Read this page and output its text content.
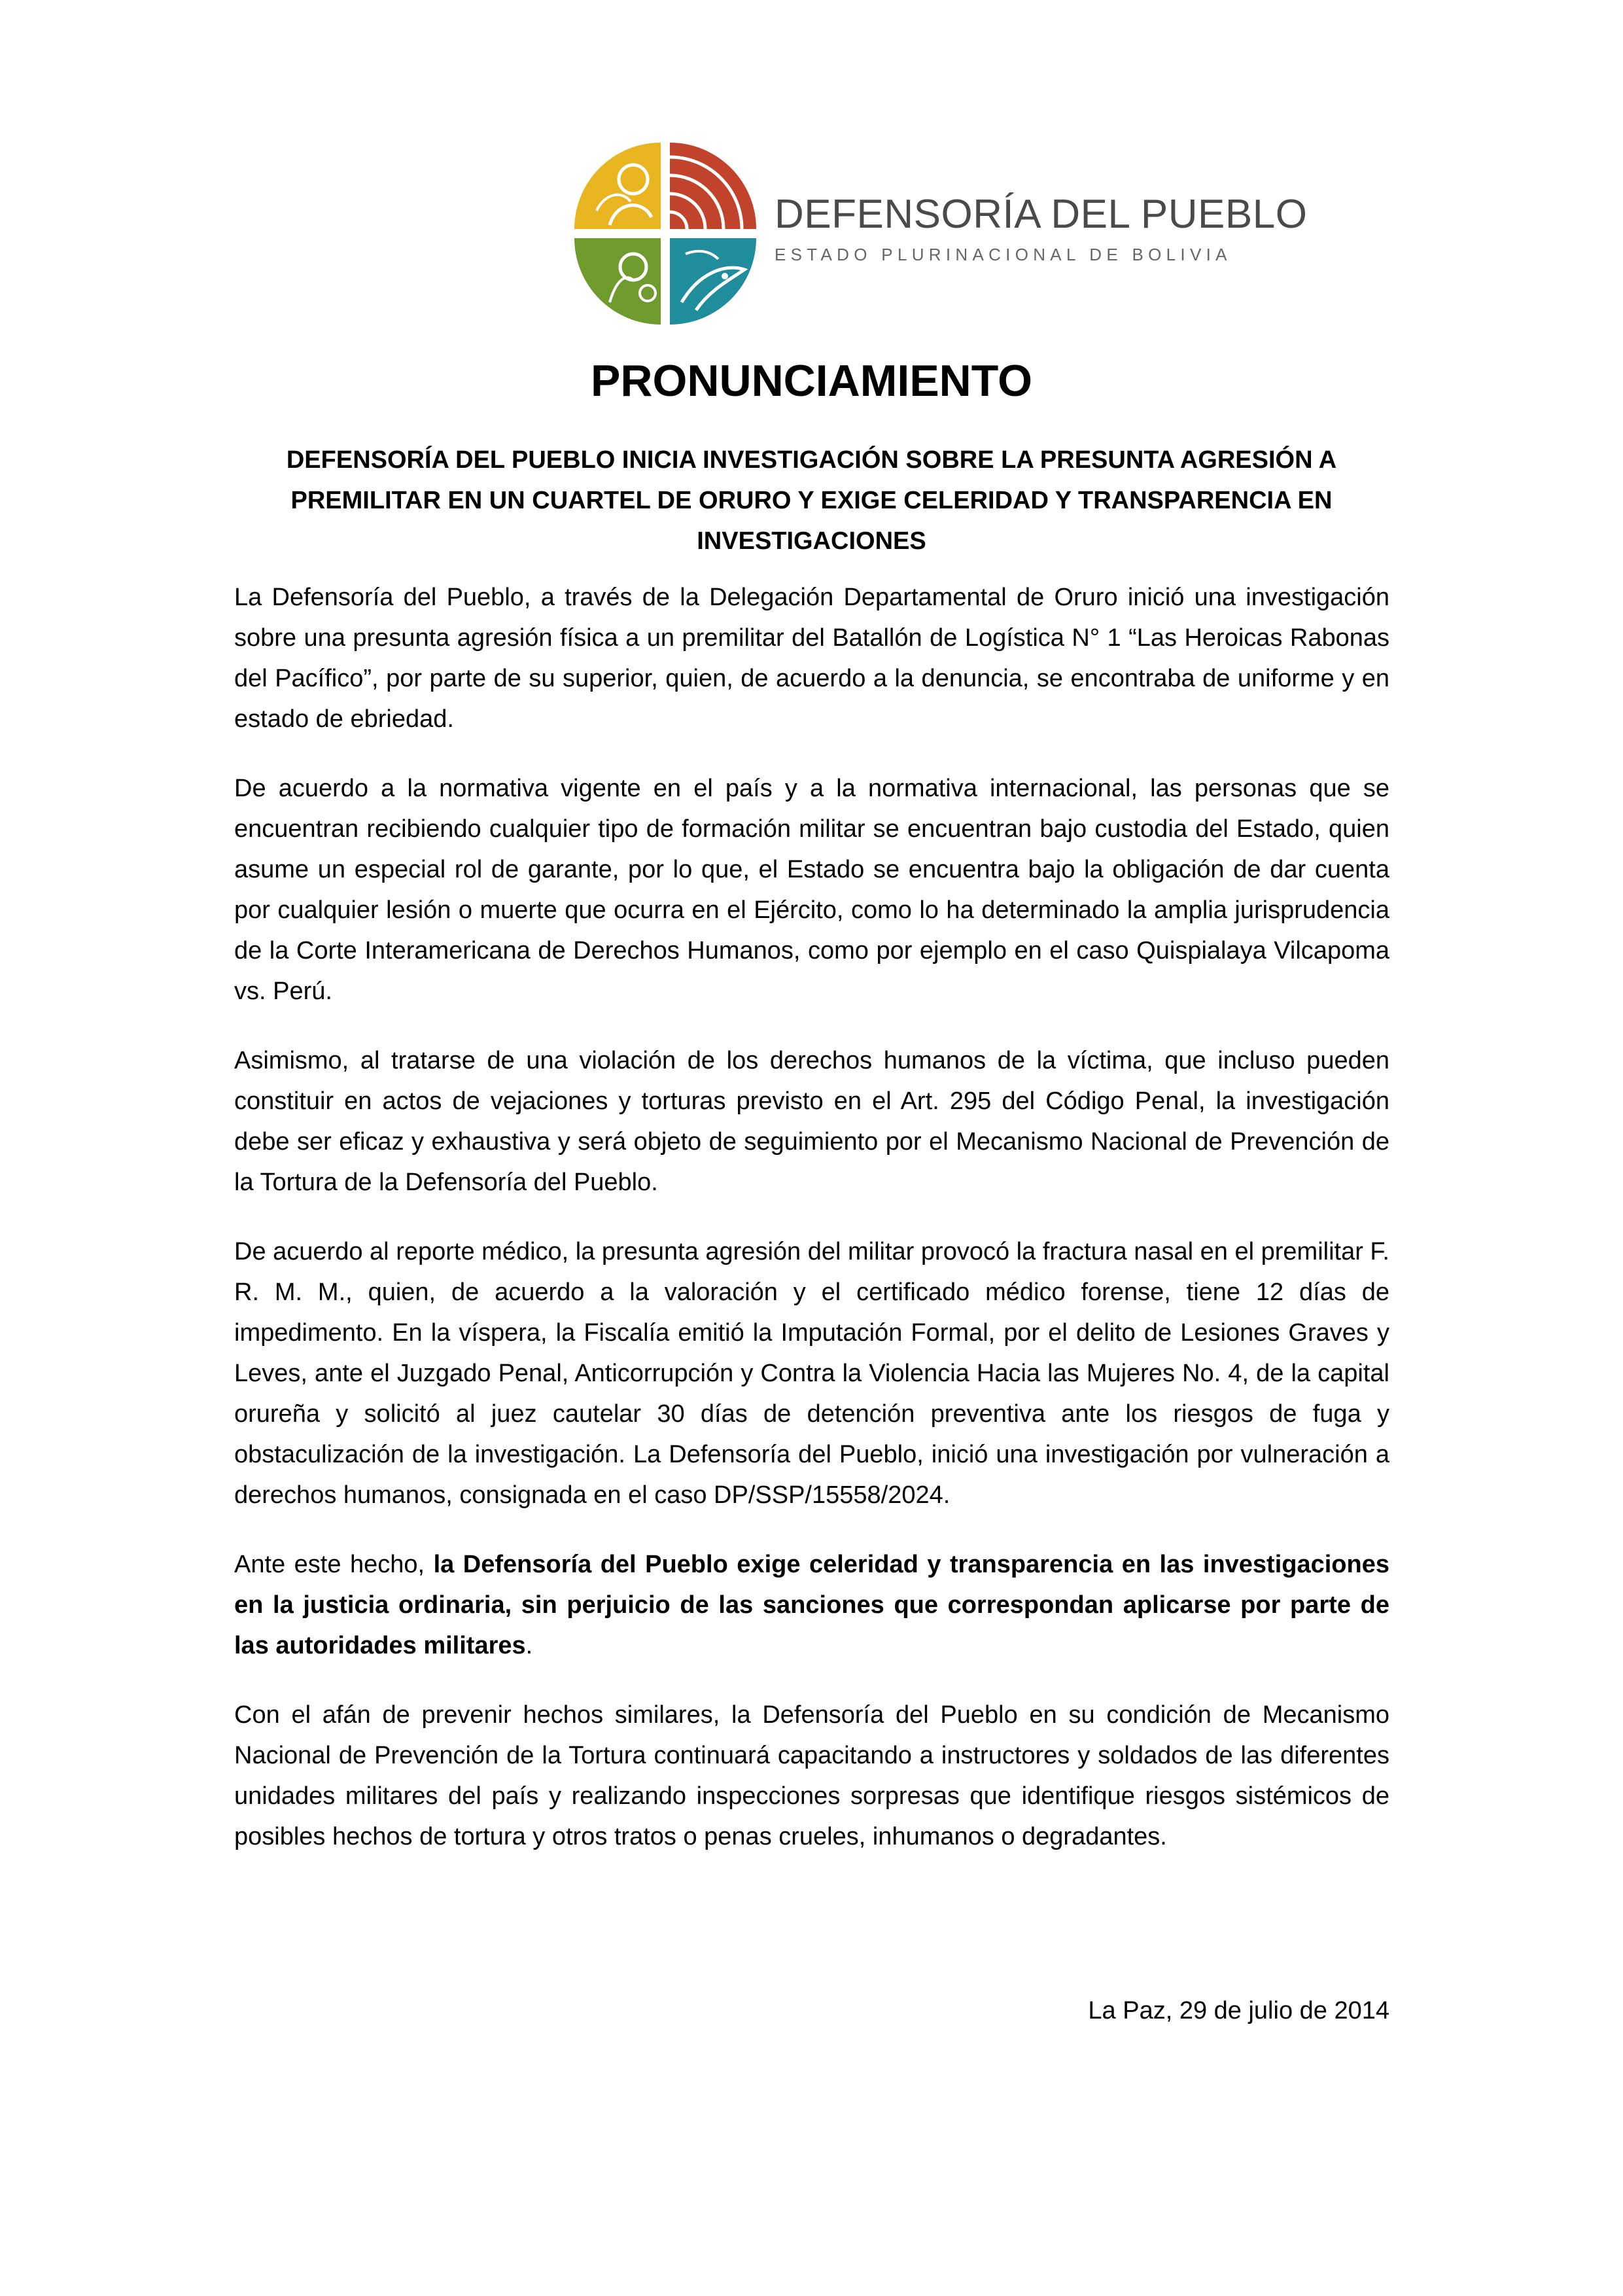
DEFENSORÍA DEL PUEBLO
ESTADO PLURINACIONAL DE BOLIVIA
PRONUNCIAMIENTO
DEFENSORÍA DEL PUEBLO INICIA INVESTIGACIÓN SOBRE LA PRESUNTA AGRESIÓN A PREMILITAR EN UN CUARTEL DE ORURO Y EXIGE CELERIDAD Y TRANSPARENCIA EN INVESTIGACIONES

La Defensoría del Pueblo, a través de la Delegación Departamental de Oruro inició una investigación sobre una presunta agresión física a un premilitar del Batallón de Logística N° 1 “Las Heroicas Rabonas del Pacífico”, por parte de su superior, quien, de acuerdo a la denuncia, se encontraba de uniforme y en estado de ebriedad.

De acuerdo a la normativa vigente en el país y a la normativa internacional, las personas que se encuentran recibiendo cualquier tipo de formación militar se encuentran bajo custodia del Estado, quien asume un especial rol de garante, por lo que, el Estado se encuentra bajo la obligación de dar cuenta por cualquier lesión o muerte que ocurra en el Ejército, como lo ha determinado la amplia jurisprudencia de la Corte Interamericana de Derechos Humanos, como por ejemplo en el caso Quispialaya Vilcapoma vs. Perú.

Asimismo, al tratarse de una violación de los derechos humanos de la víctima, que incluso pueden constituir en actos de vejaciones y torturas previsto en el Art. 295 del Código Penal, la investigación debe ser eficaz y exhaustiva y será objeto de seguimiento por el Mecanismo Nacional de Prevención de la Tortura de la Defensoría del Pueblo.

De acuerdo al reporte médico, la presunta agresión del militar provocó la fractura nasal en el premilitar F. R. M. M., quien, de acuerdo a la valoración y el certificado médico forense, tiene 12 días de impedimento. En la víspera, la Fiscalía emitió la Imputación Formal, por el delito de Lesiones Graves y Leves, ante el Juzgado Penal, Anticorrupción y Contra la Violencia Hacia las Mujeres No. 4, de la capital orureña y solicitó al juez cautelar 30 días de detención preventiva ante los riesgos de fuga y obstaculización de la investigación. La Defensoría del Pueblo, inició una investigación por vulneración a derechos humanos, consignada en el caso DP/SSP/15558/2024.

Ante este hecho, la Defensoría del Pueblo exige celeridad y transparencia en las investigaciones en la justicia ordinaria, sin perjuicio de las sanciones que correspondan aplicarse por parte de las autoridades militares.

Con el afán de prevenir hechos similares, la Defensoría del Pueblo en su condición de Mecanismo Nacional de Prevención de la Tortura continuará capacitando a instructores y soldados de las diferentes unidades militares del país y realizando inspecciones sorpresas que identifique riesgos sistémicos de posibles hechos de tortura y otros tratos o penas crueles, inhumanos o degradantes.

La Paz, 29 de julio de 2014
